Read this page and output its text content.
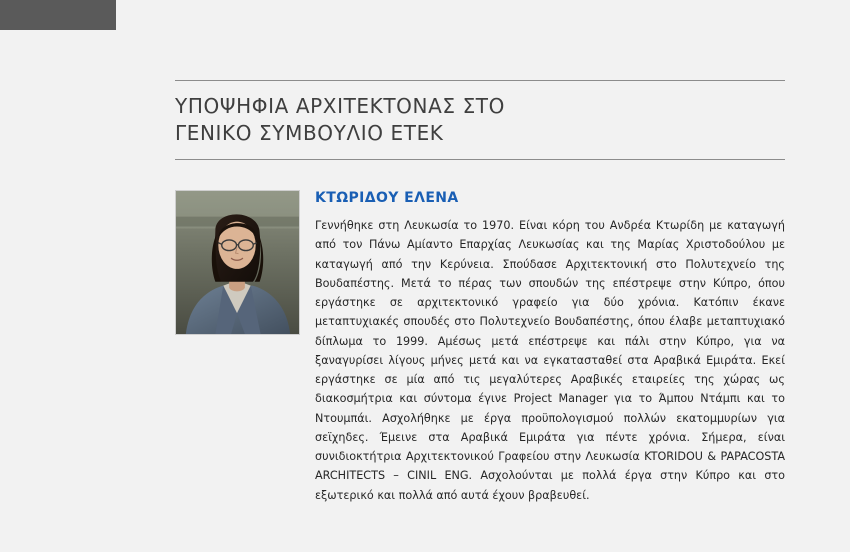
ΥΠΟΨΗΦΙΑ ΑΡΧΙΤΕΚΤΟΝΑΣ ΣΤΟ
ΓΕΝΙΚΟ ΣΥΜΒΟΥΛΙΟ ΕΤΕΚ
ΚΤΩΡΙΔΟΥ ΕΛΕΝΑ

Γεννήθηκε στη Λευκωσία το 1970. Είναι κόρη του Ανδρέα Κτωρίδη με καταγωγή από τον Πάνω Αμίαντο Επαρχίας Λευκωσίας και της Μαρίας Χριστοδούλου με καταγωγή από την Κερύνεια. Σπούδασε Αρχιτεκτονική στο Πολυτεχνείο της Βουδαπέστης. Μετά το πέρας των σπουδών της επέστρεψε στην Κύπρο, όπου εργάστηκε σε αρχιτεκτονικό γραφείο για δύο χρόνια. Κατόπιν έκανε μεταπτυχιακές σπουδές στο Πολυτεχνείο Βουδαπέστης, όπου έλαβε μεταπτυχιακό δίπλωμα το 1999. Αμέσως μετά επέστρεψε και πάλι στην Κύπρο, για να ξαναγυρίσει λίγους μήνες μετά και να εγκατασταθεί στα Αραβικά Εμιράτα. Εκεί εργάστηκε σε μία από τις μεγαλύτερες Αραβικές εταιρείες της χώρας ως διακοσμήτρια και σύντομα έγινε Project Manager για το Άμπου Ντάμπι και το Ντουμπάι. Ασχολήθηκε με έργα προϋπολογισμού πολλών εκατομμυρίων για σεϊχηδες. Έμεινε στα Αραβικά Εμιράτα για πέντε χρόνια. Σήμερα, είναι συνιδιοκτήτρια Αρχιτεκτονικού Γραφείου στην Λευκωσία KTORIDOU & PAPACOSTA ARCHITECTS – CINIL ENG. Ασχολούνται με πολλά έργα στην Κύπρο και στο εξωτερικό και πολλά από αυτά έχουν βραβευθεί.
